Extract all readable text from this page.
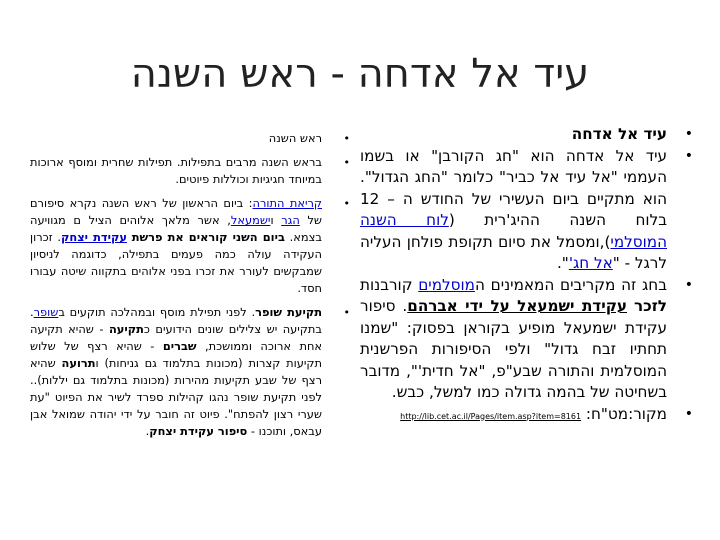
עיד אל אדחה - ראש השנה
•
עיד אל אדחה
•
עיד אל אדחה הוא "חג הקורבן" או בשמו העממי "אל עיד אל כביר" כלומר "החג הגדול". הוא מתקיים ביום העשירי של החודש ה – 12 בלוח השנה ההיג'רית (לוח השנה המוסלמי),ומסמל את סיום תקופת פולחן העליה לרגל - "אל חג'".
•
בחג זה מקריבים המאמינים המוסלמים קורבנות לזכר עקידת ישמעאל על ידי אברהם. סיפור עקידת ישמעאל מופיע בקוראן בפסוק: "שמנו תחתיו זבח גדול" ולפי הסיפורות הפרשנית המוסלמית והתורה שבע"פ, "אל חדית'", מדובר בשחיטה של בהמה גדולה כמו למשל, כבש.
•
מקור:מט"ח: http://lib.cet.ac.il/Pages/item.asp?item=8161
•
ראש השנה
•
בראש השנה מרבים בתפילות. תפילות שחרית ומוסף ארוכות במיוחד חגיגיות וכוללות פיוטים.
•
קריאת התורה: ביום הראשון של ראש השנה נקרא סיפורם של הגר וישמעאל, אשר מלאך אלוהים הציל ם מגוויעה בצמא. ביום השני קוראים את פרשת עקידת יצחק. זכרון העקידה עולה כמה פעמים בתפילה, כדוגמה לניסיון שמבקשים לעורר את זכרו בפני אלוהים בתקווה שיטה עבורו חסד.
•
תקיעת שופר. לפני תפילת מוסף ובמהלכה תוקעים בשופר. בתקיעה יש צלילים שונים הידועים כתקיעה - שהיא תקיעה אחת ארוכה וממושכת, שברים - שהיא רצף של שלוש תקיעות קצרות (מכונות בתלמוד גם גניחות) ותרועה שהיא רצף של שבע תקיעות מהירות (מכונות בתלמוד גם יללות).. לפני תקיעת שופר נהגו קהילות ספרד לשיר את הפיוט "עת שערי רצון להפתח". פיוט זה חובר על ידי יהודה שמואל אבן עבאס, ותוכנו - סיפור עקידת יצחק.
